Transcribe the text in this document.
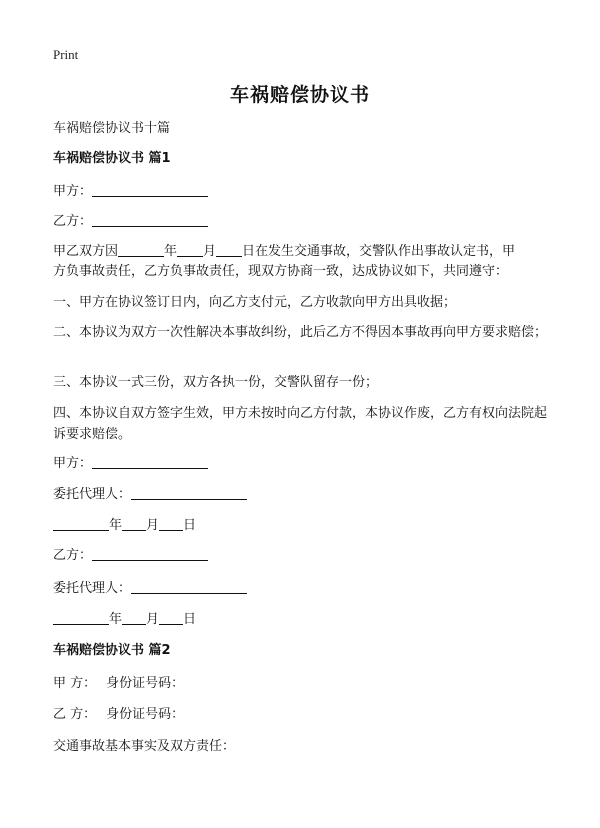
Print
车祸赔偿协议书
车祸赔偿协议书十篇
车祸赔偿协议书 篇1
甲方：
乙方：
甲乙双方因	年 月 日在发生交通事故，交警队作出事故认定书，甲
方负事故责任，乙方负事故责任，现双方协商一致，达成协议如下，共同遵守：
一、甲方在协议签订日内，向乙方支付元，乙方收款向甲方出具收据；
二、本协议为双方一次性解决本事故纠纷，此后乙方不得因本事故再向甲方要求赔偿；
三、本协议一式三份，双方各执一份，交警队留存一份；
四、本协议自双方签字生效，甲方未按时向乙方付款，本协议作废，乙方有权向法院起诉要求赔偿。
甲方：
委托代理人：
年 月 日
乙方：
委托代理人：
年 月 日
车祸赔偿协议书 篇2
甲 方： 身份证号码：
乙 方： 身份证号码：
交通事故基本事实及双方责任：
